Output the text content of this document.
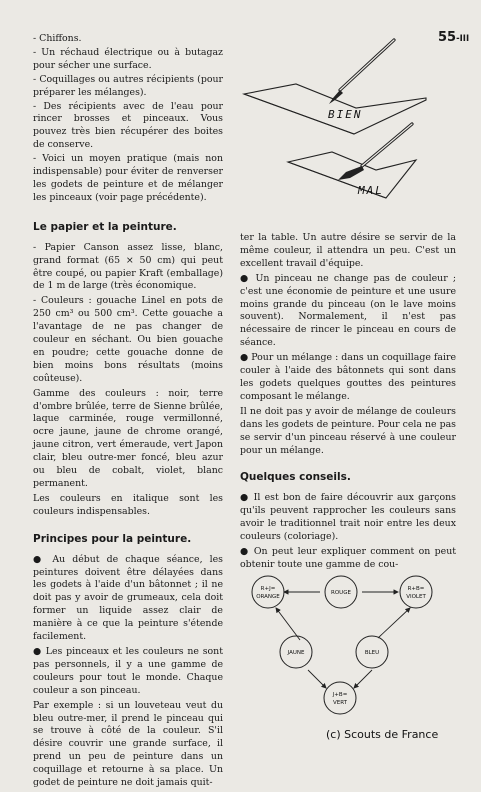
55-III

- Chiffons.

- Un réchaud électrique ou à butagaz pour sécher une surface.

- Coquillages ou autres récipients (pour préparer les mélanges).

- Des récipients avec de l'eau pour rincer brosses et pinceaux. Vous pouvez très bien récupérer des boites de conserve.

- Voici un moyen pratique (mais non indispensable) pour éviter de renverser les godets de peinture et de mélanger les pinceaux (voir page précédente).

Le papier et la peinture.

- Papier Canson assez lisse, blanc, grand format (65 × 50 cm) qui peut être coupé, ou papier Kraft (emballage) de 1 m de large (très économique.

- Couleurs : gouache Linel en pots de 250 cm³ ou 500 cm³. Cette gouache a l'avantage de ne pas changer de couleur en séchant. Ou bien gouache en poudre; cette gouache donne de bien moins bons résultats (moins coûteuse).

Gamme des couleurs : noir, terre d'ombre brûlée, terre de Sienne brûlée, laque carminée, rouge vermillonné, ocre jaune, jaune de chrome orangé, jaune citron, vert émeraude, vert Japon clair, bleu outre-mer foncé, bleu azur ou bleu de cobalt, violet, blanc permanent.

Les couleurs en italique sont les couleurs indispensables.

Principes pour la peinture.

● Au début de chaque séance, les peintures doivent être délayées dans les godets à l'aide d'un bâtonnet ; il ne doit pas y avoir de grumeaux, cela doit former un liquide assez clair de manière à ce que la peinture s'étende facilement.

● Les pinceaux et les couleurs ne sont pas personnels, il y a une gamme de couleurs pour tout le monde. Chaque couleur a son pinceau.

Par exemple : si un louveteau veut du bleu outre-mer, il prend le pinceau qui se trouve à côté de la couleur. S'il désire couvrir une grande surface, il prend un peu de peinture dans un coquillage et retourne à sa place. Un godet de peinture ne doit jamais quit-

BIEN
MAL

ter la table. Un autre désire se servir de la même couleur, il attendra un peu. C'est un excellent travail d'équipe.

● Un pinceau ne change pas de couleur ; c'est une économie de peinture et une usure moins grande du pinceau (on le lave moins souvent). Normalement, il n'est pas nécessaire de rincer le pinceau en cours de séance.

● Pour un mélange : dans un coquillage faire couler à l'aide des bâtonnets qui sont dans les godets quelques gouttes des peintures composant le mélange.

Il ne doit pas y avoir de mélange de couleurs dans les godets de peinture. Pour cela ne pas se servir d'un pinceau réservé à une couleur pour un mélange.

Quelques conseils.

● Il est bon de faire découvrir aux garçons qu'ils peuvent rapprocher les couleurs sans avoir le traditionnel trait noir entre les deux couleurs (coloriage).

● On peut leur expliquer comment on peut obtenir toute une gamme de cou-

R+J=
ORANGE
ROUGE
R+B=
VIOLET
JAUNE	BLEU
J+B=
VERT
(c) Scouts de France
